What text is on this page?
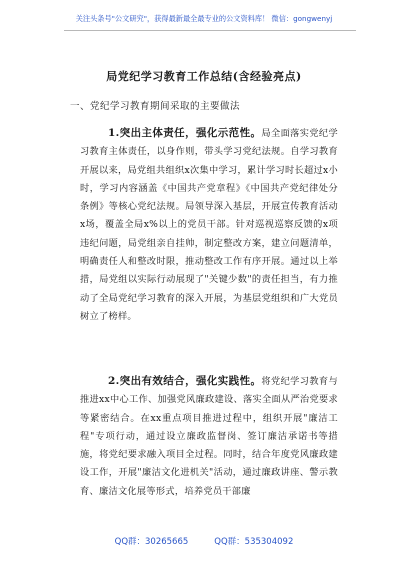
关注头条号"公文研究"，获得最新最全最专业的公文资料库！ 微信：gongwenyj
局党纪学习教育工作总结(含经验亮点)
一、党纪学习教育期间采取的主要做法
1.突出主体责任，强化示范性。局全面落实党纪学习教育主体责任，以身作则，带头学习党纪法规。自学习教育开展以来，局党组共组织x次集中学习，累计学习时长超过x小时，学习内容涵盖《中国共产党章程》《中国共产党纪律处分条例》等核心党纪法规。局领导深入基层，开展宣传教育活动x场，覆盖全局x%以上的党员干部。针对巡视巡察反馈的x项违纪问题，局党组亲自挂帅，制定整改方案，建立问题清单，明确责任人和整改时限，推动整改工作有序开展。通过以上举措，局党组以实际行动展现了"关键少数"的责任担当，有力推动了全局党纪学习教育的深入开展，为基层党组织和广大党员树立了榜样。
2.突出有效结合，强化实践性。将党纪学习教育与推进xx中心工作、加强党风廉政建设、落实全面从严治党要求等紧密结合。在xx重点项目推进过程中，组织开展"廉洁工程"专项行动，通过设立廉政监督岗、签订廉洁承诺书等措施，将党纪要求融入项目全过程。同时，结合年度党风廉政建设工作，开展"廉洁文化进机关"活动，通过廉政讲座、警示教育、廉洁文化展等形式，培养党员干部廉
QQ群：30265665	QQ群：535304092
